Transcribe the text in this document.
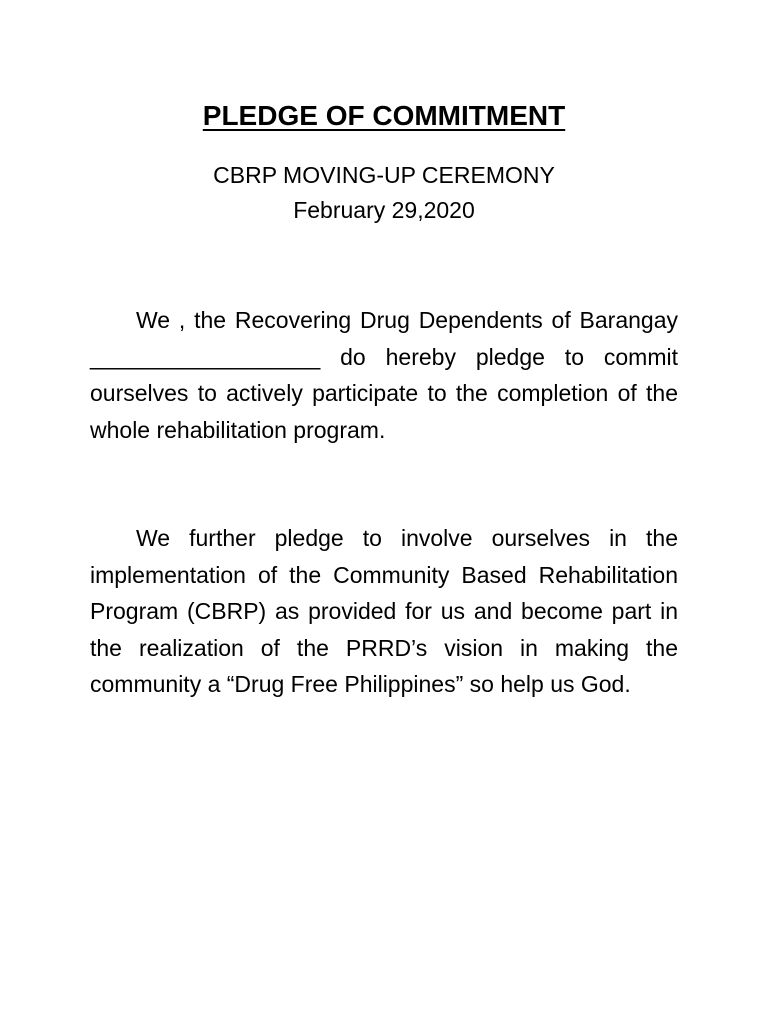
PLEDGE OF COMMITMENT
CBRP MOVING-UP CEREMONY
February 29,2020

We , the Recovering Drug Dependents of Barangay __________________ do hereby pledge to commit ourselves to actively participate to the completion of the whole rehabilitation program.

We further pledge to involve ourselves in the implementation of the Community Based Rehabilitation Program (CBRP) as provided for us and become part in the realization of the PRRD’s vision in making the community a “Drug Free Philippines” so help us God.
